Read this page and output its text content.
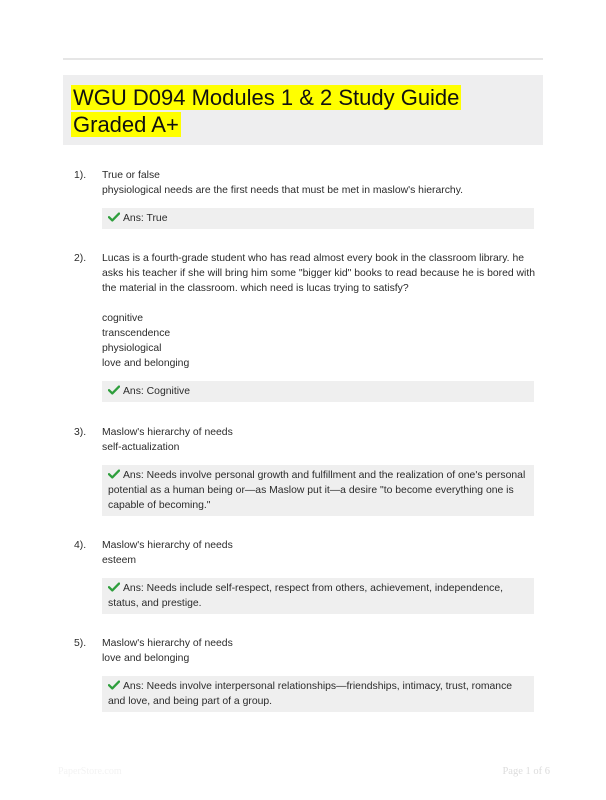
WGU D094 Modules 1 & 2 Study Guide Graded A+
1).	True or false

physiological needs are the first needs that must be met in maslow's hierarchy.

Ans: True
2).	Lucas is a fourth-grade student who has read almost every book in the classroom library. he asks his teacher if she will bring him some "bigger kid" books to read because he is bored with the material in the classroom. which need is lucas trying to satisfy?

cognitive

transcendence

physiological

love and belonging

Ans: Cognitive
3).	Maslow's hierarchy of needs

self-actualization

Ans: Needs involve personal growth and fulfillment and the realization of one's personal potential as a human being or—as Maslow put it—a desire "to become everything one is capable of becoming."
4).	Maslow's hierarchy of needs

esteem

Ans: Needs include self-respect, respect from others, achievement, independence, status, and prestige.
5).	Maslow's hierarchy of needs

love and belonging

Ans: Needs involve interpersonal relationships—friendships, intimacy, trust, romance and love, and being part of a group.
PaperStore.com	Page 1 of 6
